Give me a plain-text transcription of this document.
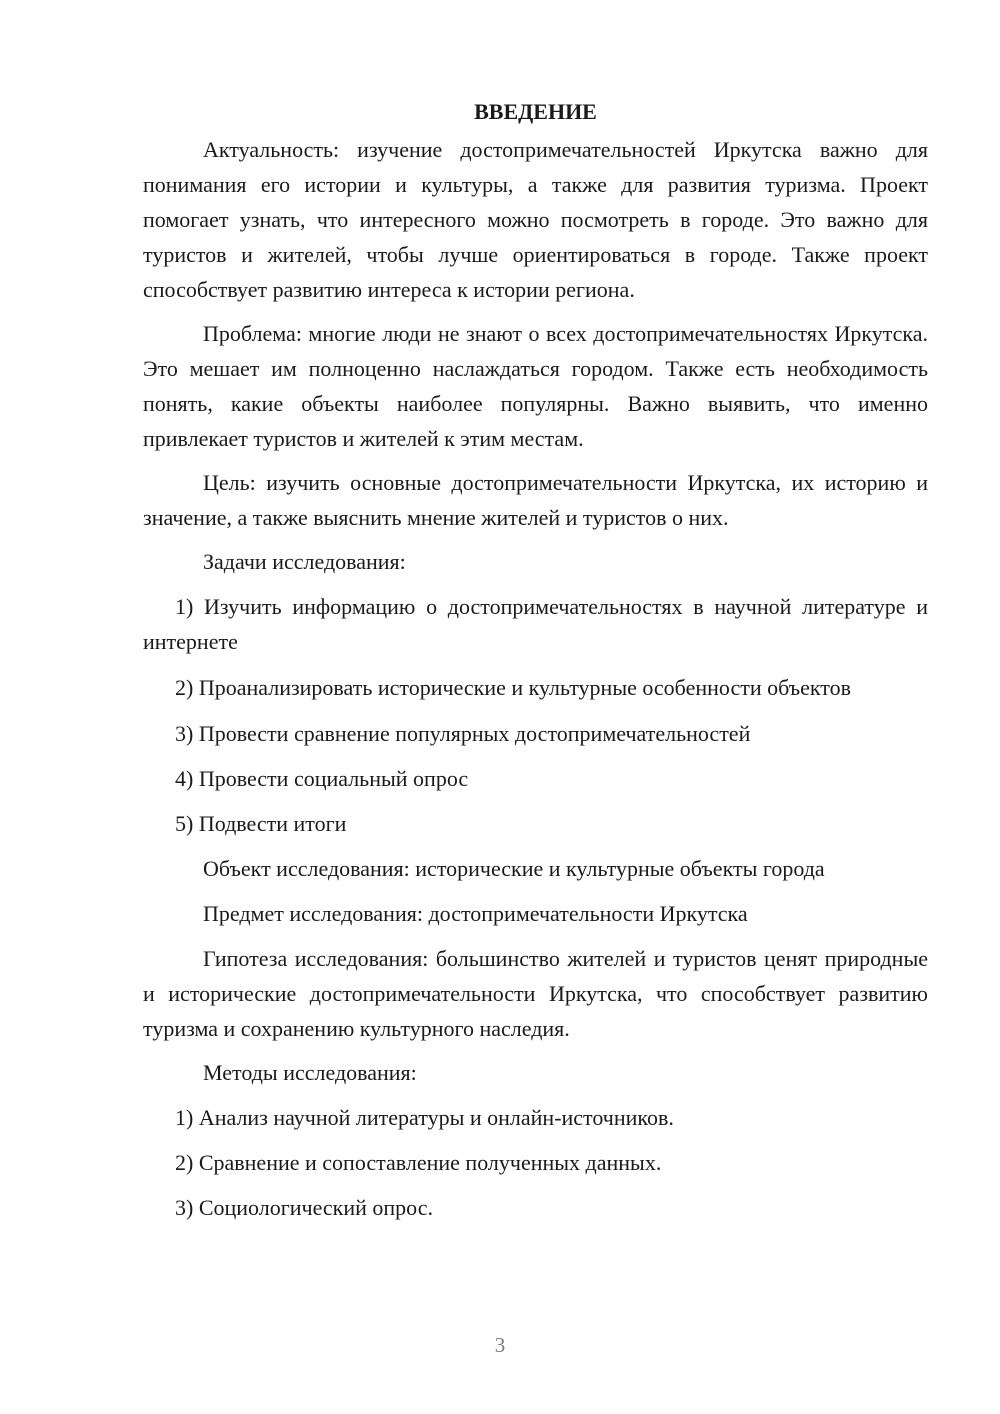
ВВЕДЕНИЕ

Актуальность: изучение достопримечательностей Иркутска важно для понимания его истории и культуры, а также для развития туризма. Проект помогает узнать, что интересного можно посмотреть в городе. Это важно для туристов и жителей, чтобы лучше ориентироваться в городе. Также проект способствует развитию интереса к истории региона.

Проблема: многие люди не знают о всех достопримечательностях Иркутска. Это мешает им полноценно наслаждаться городом. Также есть необходимость понять, какие объекты наиболее популярны. Важно выявить, что именно привлекает туристов и жителей к этим местам.

Цель: изучить основные достопримечательности Иркутска, их историю и значение, а также выяснить мнение жителей и туристов о них.

Задачи исследования:

1) Изучить информацию о достопримечательностях в научной литературе и интернете

2) Проанализировать исторические и культурные особенности объектов

3) Провести сравнение популярных достопримечательностей

4) Провести социальный опрос

5) Подвести итоги

Объект исследования: исторические и культурные объекты города

Предмет исследования: достопримечательности Иркутска

Гипотеза исследования: большинство жителей и туристов ценят природные и исторические достопримечательности Иркутска, что способствует развитию туризма и сохранению культурного наследия.

Методы исследования:

1) Анализ научной литературы и онлайн-источников.

2) Сравнение и сопоставление полученных данных.

3) Социологический опрос.

3
